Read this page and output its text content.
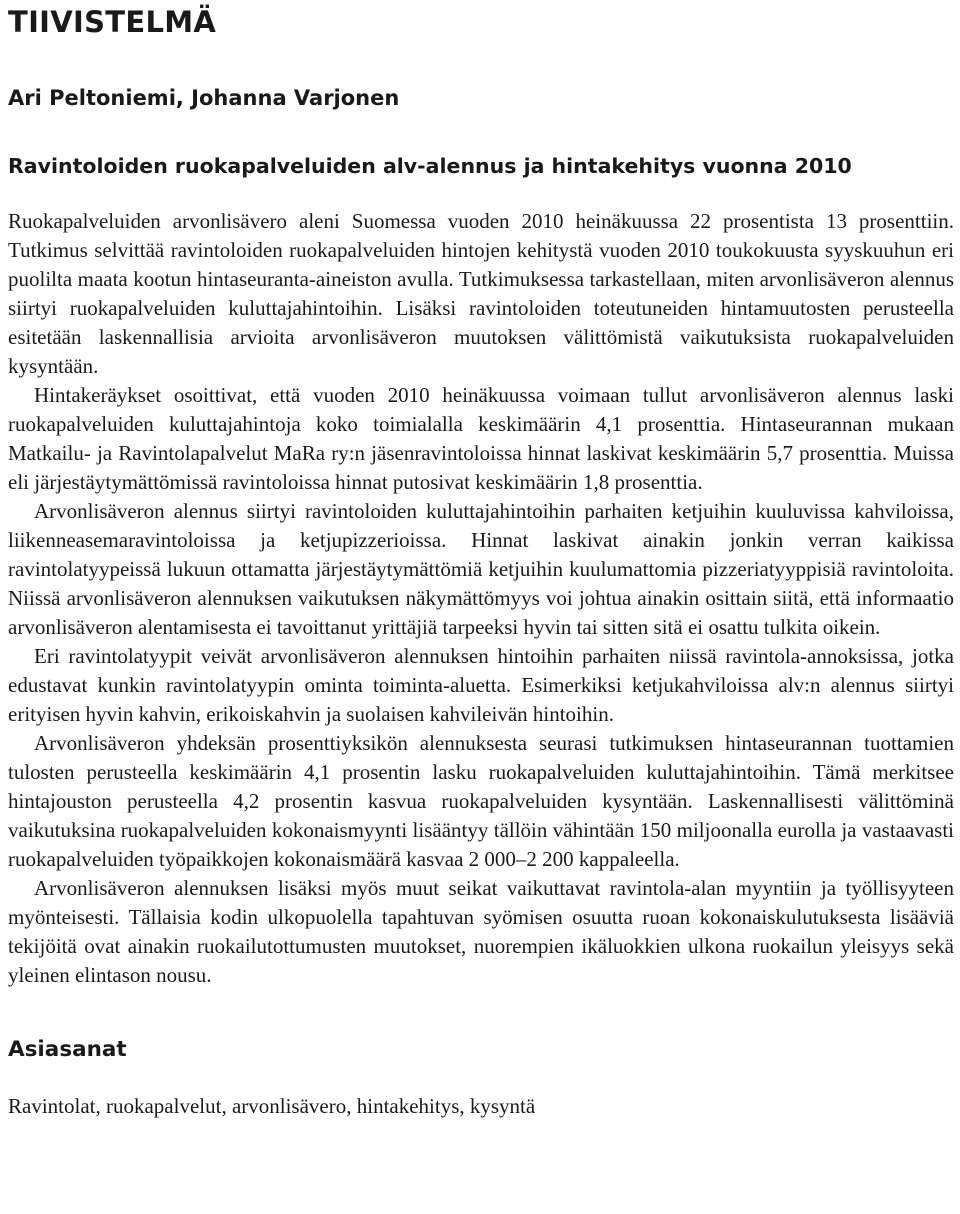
TIIVISTELMÄ
Ari Peltoniemi, Johanna Varjonen
Ravintoloiden ruokapalveluiden alv-alennus ja hintakehitys vuonna 2010

Ruokapalveluiden arvonlisävero aleni Suomessa vuoden 2010 heinäkuussa 22 prosentista 13 prosenttiin. Tutkimus selvittää ravintoloiden ruokapalveluiden hintojen kehitystä vuoden 2010 toukokuusta syyskuuhun eri puolilta maata kootun hintaseuranta-aineiston avulla. Tutkimuksessa tarkastellaan, miten arvonlisäveron alennus siirtyi ruokapalveluiden kuluttajahintoihin. Lisäksi ravintoloiden toteutuneiden hintamuutosten perusteella esitetään laskennallisia arvioita arvonlisäveron muutoksen välittömistä vaikutuksista ruokapalveluiden kysyntään.

Hintakeräykset osoittivat, että vuoden 2010 heinäkuussa voimaan tullut arvonlisäveron alennus laski ruokapalveluiden kuluttajahintoja koko toimialalla keskimäärin 4,1 prosenttia. Hintaseurannan mukaan Matkailu- ja Ravintolapalvelut MaRa ry:n jäsenravintoloissa hinnat laskivat keskimäärin 5,7 prosenttia. Muissa eli järjestäytymättömissä ravintoloissa hinnat putosivat keskimäärin 1,8 prosenttia.

Arvonlisäveron alennus siirtyi ravintoloiden kuluttajahintoihin parhaiten ketjuihin kuuluvissa kahviloissa, liikenneasemaravintoloissa ja ketjupizzerioissa. Hinnat laskivat ainakin jonkin verran kaikissa ravintolatyypeissä lukuun ottamatta järjestäytymättömiä ketjuihin kuulumattomia pizzeriatyyppisiä ravintoloita. Niissä arvonlisäveron alennuksen vaikutuksen näkymättömyys voi johtua ainakin osittain siitä, että informaatio arvonlisäveron alentamisesta ei tavoittanut yrittäjiä tarpeeksi hyvin tai sitten sitä ei osattu tulkita oikein.

Eri ravintolatyypit veivät arvonlisäveron alennuksen hintoihin parhaiten niissä ravintola-annoksissa, jotka edustavat kunkin ravintolatyypin ominta toiminta-aluetta. Esimerkiksi ketjukahviloissa alv:n alennus siirtyi erityisen hyvin kahvin, erikoiskahvin ja suolaisen kahvileivän hintoihin.

Arvonlisäveron yhdeksän prosenttiyksikön alennuksesta seurasi tutkimuksen hintaseurannan tuottamien tulosten perusteella keskimäärin 4,1 prosentin lasku ruokapalveluiden kuluttajahintoihin. Tämä merkitsee hintajouston perusteella 4,2 prosentin kasvua ruokapalveluiden kysyntään. Laskennallisesti välittöminä vaikutuksina ruokapalveluiden kokonaismyynti lisääntyy tällöin vähintään 150 miljoonalla eurolla ja vastaavasti ruokapalveluiden työpaikkojen kokonaismäärä kasvaa 2 000–2 200 kappaleella.

Arvonlisäveron alennuksen lisäksi myös muut seikat vaikuttavat ravintola-alan myyntiin ja työllisyyteen myönteisesti. Tällaisia kodin ulkopuolella tapahtuvan syömisen osuutta ruoan kokonaiskulutuksesta lisääviä tekijöitä ovat ainakin ruokailutottumusten muutokset, nuorempien ikäluokkien ulkona ruokailun yleisyys sekä yleinen elintason nousu.

Asiasanat
Ravintolat, ruokapalvelut, arvonlisävero, hintakehitys, kysyntä
